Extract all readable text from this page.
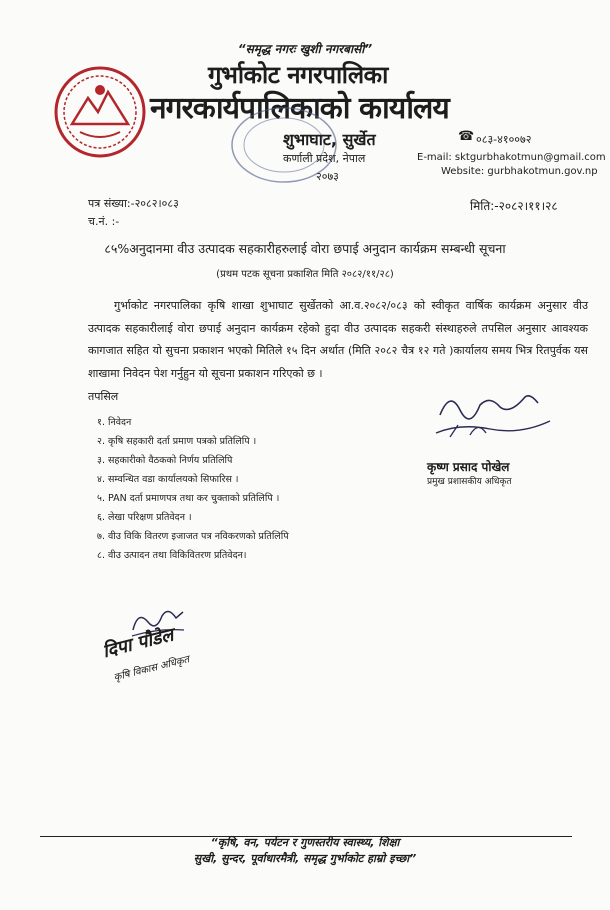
“समृद्ध नगरः खुशी नगरबासी”
गुर्भाकोट नगरपालिका
नगरकार्यपालिकाको कार्यालय
शुभाघाट, सुर्खेत
कर्णाली प्रदेश, नेपाल
२०७३
☎ ०८३-४१००७२
E-mail: sktgurbhakotmun@gmail.com
Website: gurbhakotmun.gov.np
पत्र संख्या:-२०८२।०८३
च.नं. :-
मिति:-२०८२।११।२८
८५%अनुदानमा वीउ उत्पादक सहकारीहरुलाई वोरा छपाई अनुदान कार्यक्रम सम्बन्धी सूचना
(प्रथम पटक सूचना प्रकाशित मिति २०८२/११/२८)
गुर्भाकोट नगरपालिका कृषि शाखा शुभाघाट सुर्खेतको आ.व.२०८२/०८३ को स्वीकृत वार्षिक कार्यक्रम अनुसार वीउ उत्पादक सहकारीलाई वोरा छपाई अनुदान कार्यक्रम रहेको हुदा वीउ उत्पादक सहकरी संस्थाहरुले तपसिल अनुसार आवश्यक कागजात सहित यो सुचना प्रकाशन भएको मितिले १५ दिन अर्थात (मिति २०८२ चैत्र १२ गते )कार्यालय समय भित्र रितपुर्वक यस शाखामा निवेदन पेश गर्नुहुन यो सूचना प्रकाशन गरिएको छ ।
तपसिल
१. निवेदन
२. कृषि सहकारी दर्ता प्रमाण पत्रको प्रतिलिपि ।
३. सहकारीको वैठकको निर्णय प्रतिलिपि
४. सम्वन्धित वडा कार्यालयको सिफारिस ।
५. PAN दर्ता प्रमाणपत्र तथा कर चुक्ताको प्रतिलिपि ।
६. लेखा परिक्षण प्रतिवेदन ।
७. वीउ विकि वितरण इजाजत पत्र नविकरणको प्रतिलिपि
८. वीउ उत्पादन तथा विकिवितरण प्रतिवेदन।
कृष्ण प्रसाद पोखेल
प्रमुख प्रशासकीय अधिकृत
दिपा पौडेल
कृषि विकास अधिकृत
“कृषि, वन, पर्यटन र गुणस्तरीय स्वास्थ्य, शिक्षा
सुखी, सुन्दर, पूर्वाधारमैत्री, समृद्ध गुर्भाकोट हाम्रो इच्छा”
